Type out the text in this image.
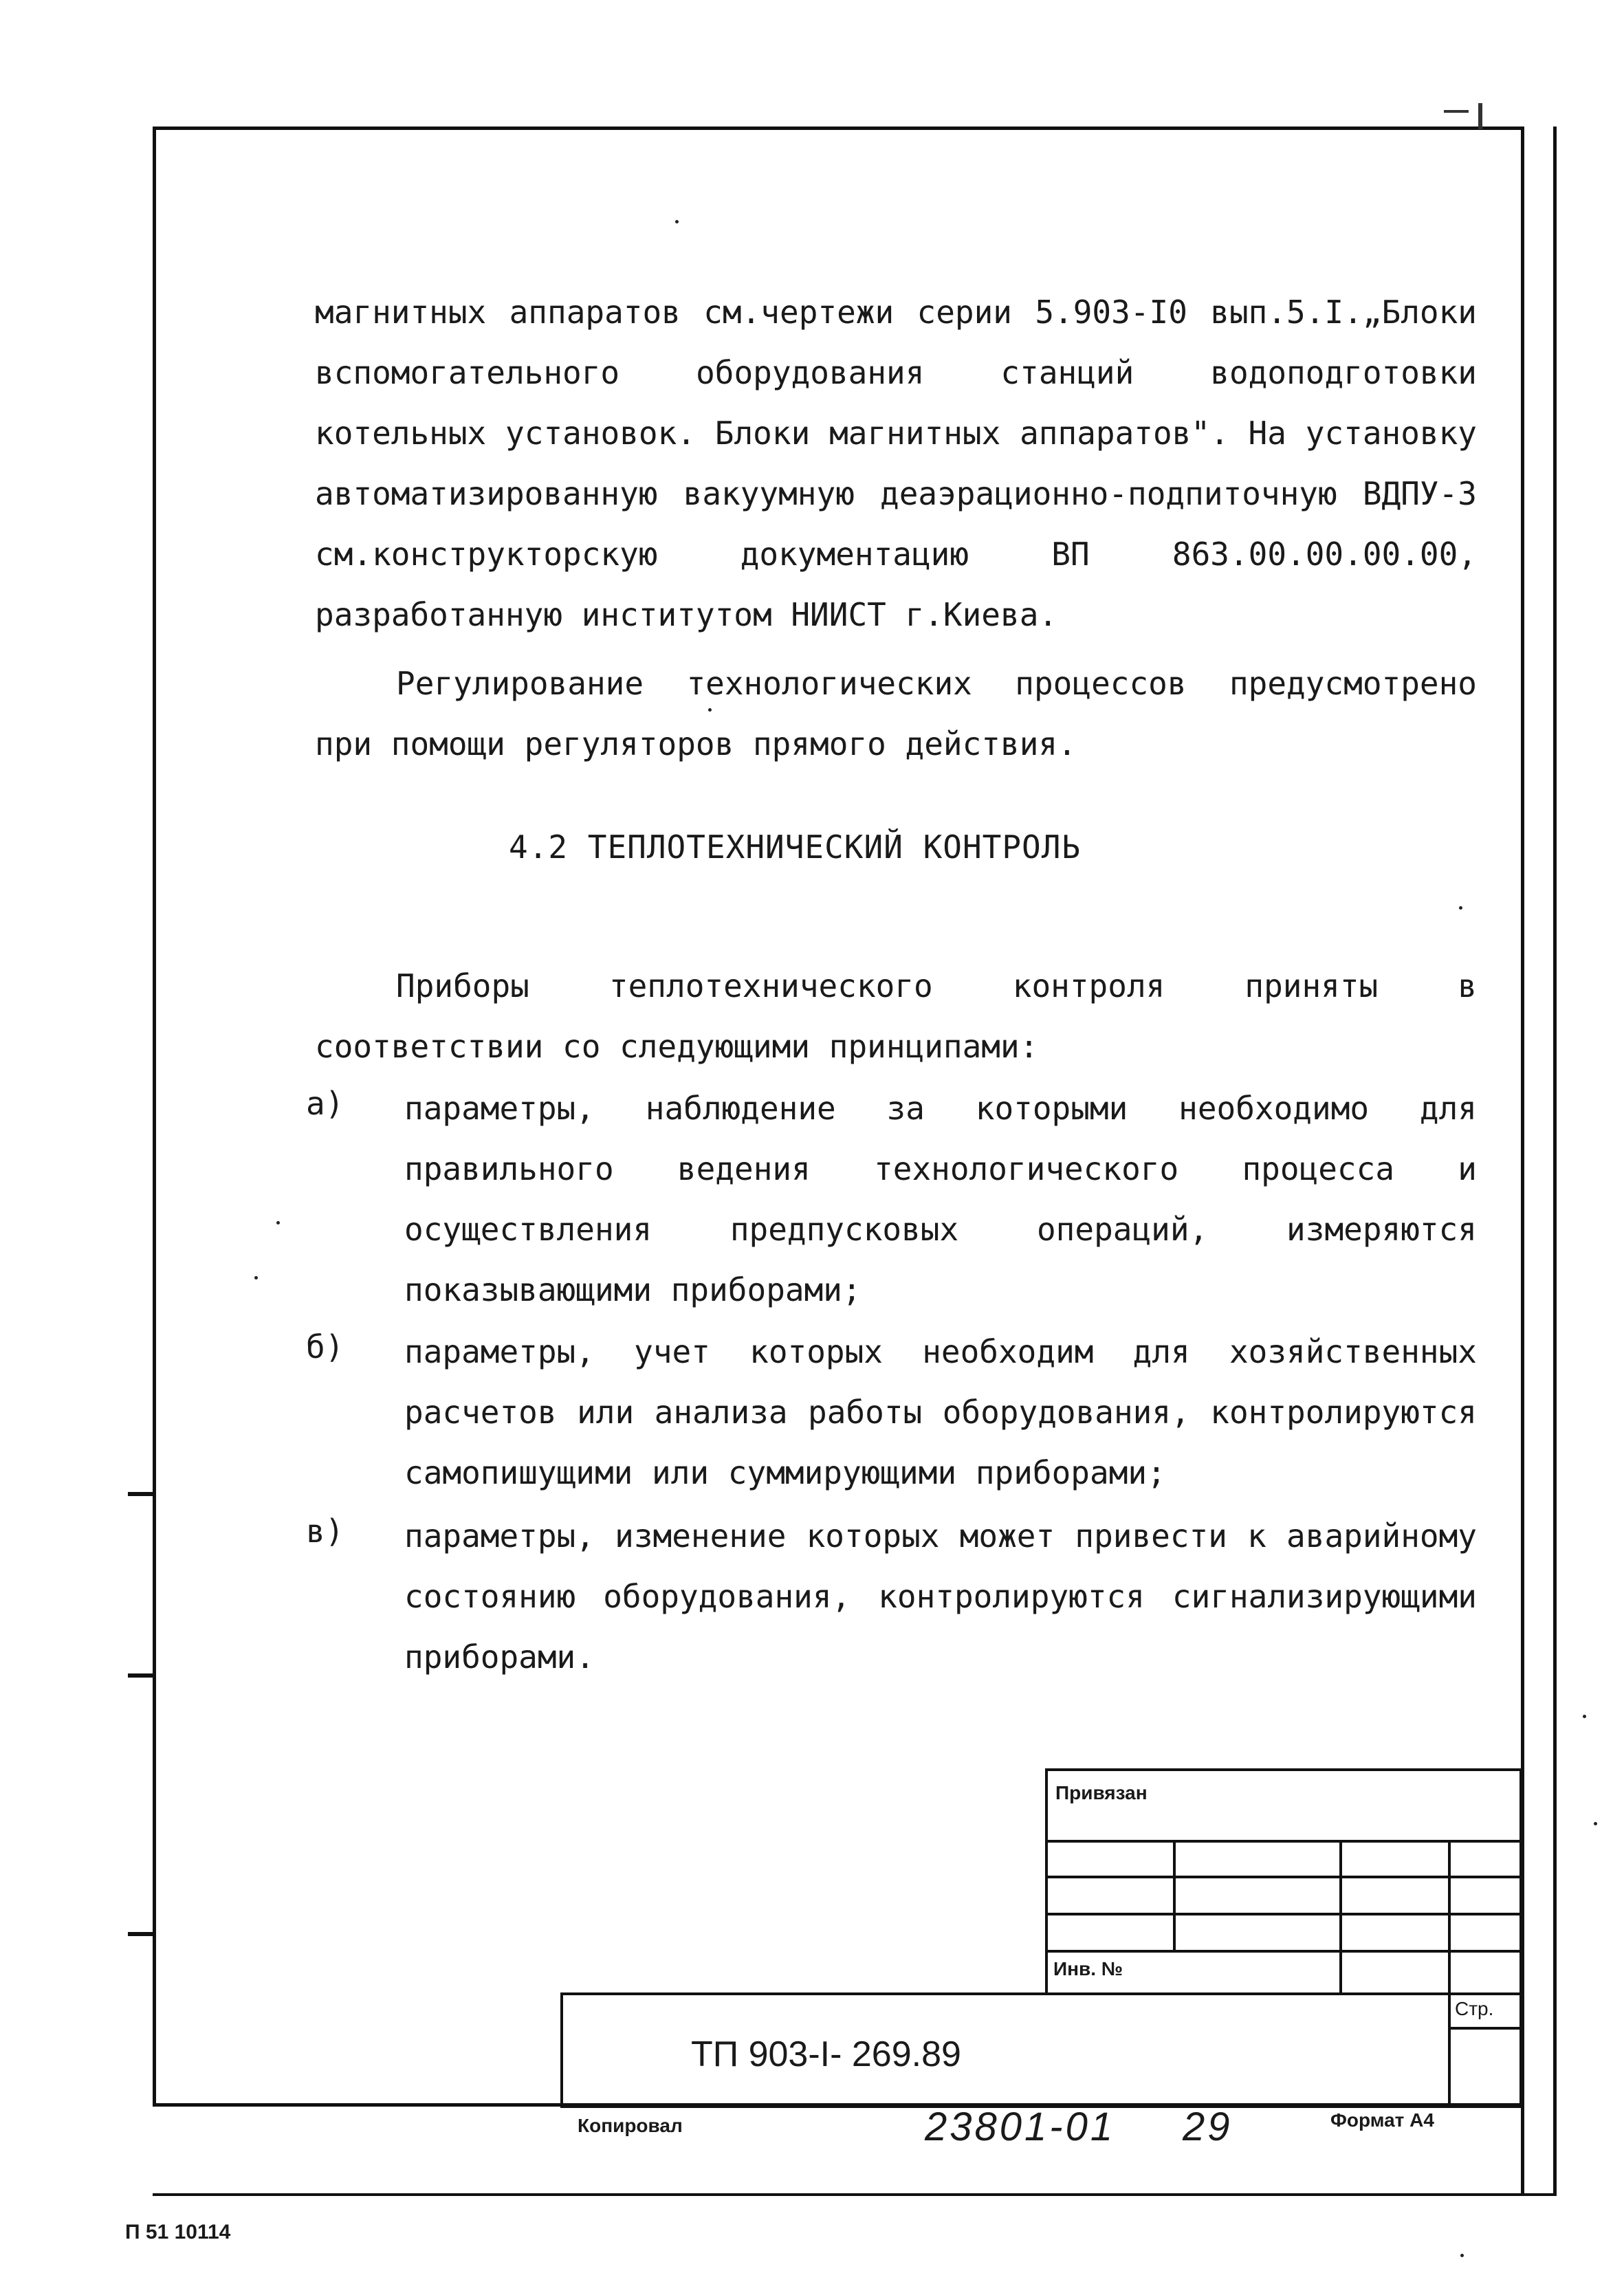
магнитных аппаратов см.чертежи серии 5.903-I0 вып.5.I.„Блоки вспомогательного оборудования станций водоподготовки котельных установок. Блоки магнитных аппаратов". На установку автоматизированную вакуумную деаэрационно-подпиточную ВДПУ-3 см.конструкторскую документацию ВП 863.00.00.00.00, разработанную институтом НИИСТ г.Киева.

Регулирование технологических процессов предусмотрено при помощи регуляторов прямого действия.

4.2 ТЕПЛОТЕХНИЧЕСКИЙ КОНТРОЛЬ

Приборы теплотехнического контроля приняты в соответствии со следующими принципами:

а) параметры, наблюдение за которыми необходимо для правильного ведения технологического процесса и осуществления предпусковых операций, измеряются показывающими приборами;
б) параметры, учет которых необходим для хозяйственных расчетов или анализа работы оборудования, контролируются самопишущими или суммирующими приборами;
в) параметры, изменение которых может привести к аварийному состоянию оборудования, контролируются сигнализирующими приборами.
Привязан
Инв. №
Стр.
ТП 903-I- 269.89
Копировал	23801-01 29	Формат А4
П 51 10114
